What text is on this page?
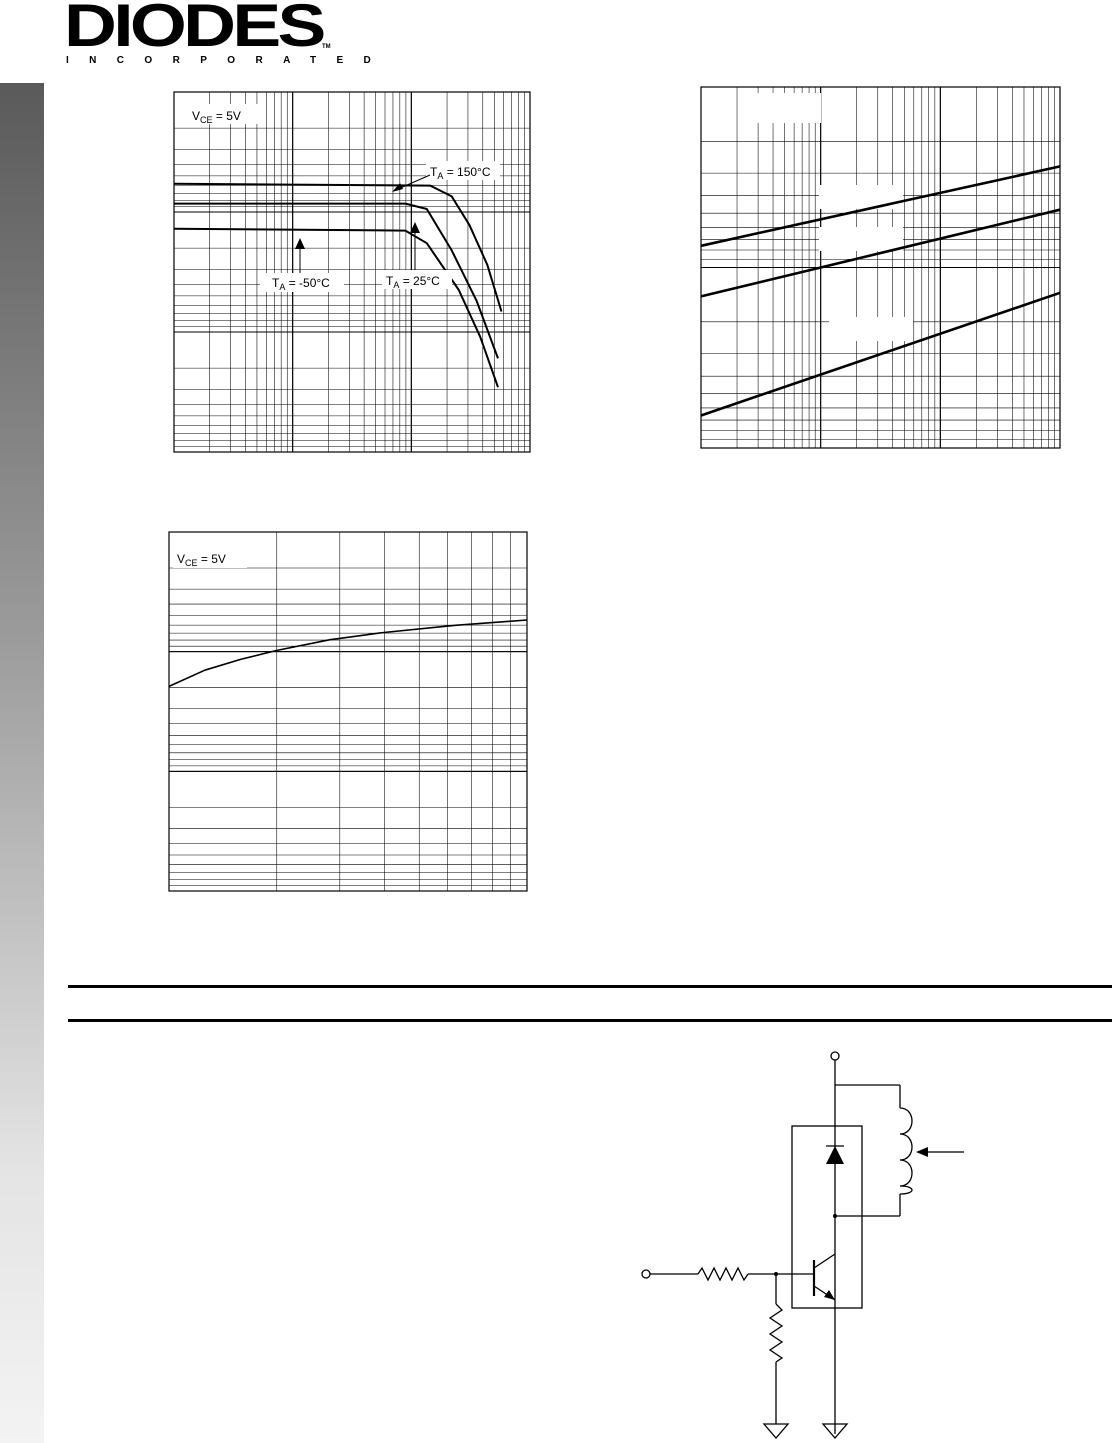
DIODES
INCORPORATED
TM
$V_{CE} = 5V$
$T_A = 150^\circ C$
$T_A = 25^\circ C$
$T_A = -50^\circ C$
$V_{CE} = 5V$
